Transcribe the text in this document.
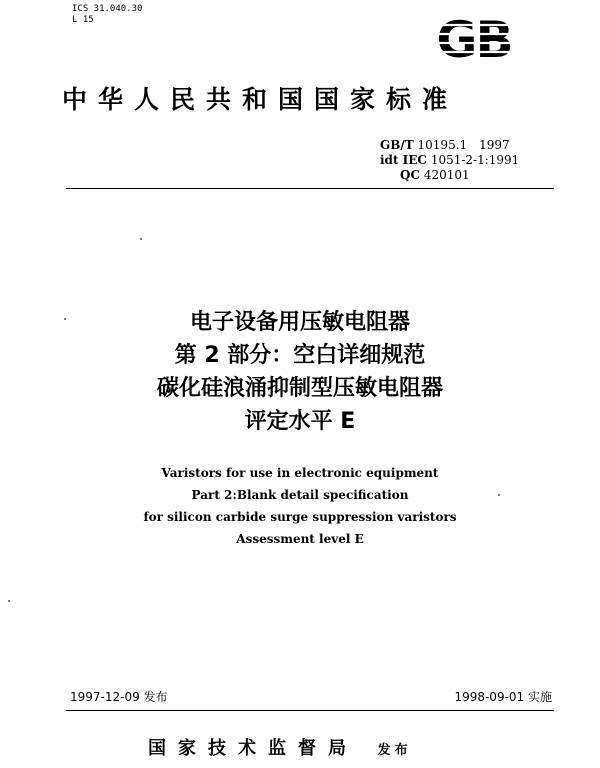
ICS 31.040.30
L 15	GB
中华人民共和国国家标准
GB/T 10195.1　1997
idt IEC 1051-2-1:1991
QC 420101
电子设备用压敏电阻器
第 2 部分：空白详细规范
碳化硅浪涌抑制型压敏电阻器
评定水平 E
Varistors for use in electronic equipment
Part 2:Blank detail specification
for silicon carbide surge suppression varistors
Assessment level E
1997-12-09 发布	1998-09-01 实施
国家技术监督局 发布
